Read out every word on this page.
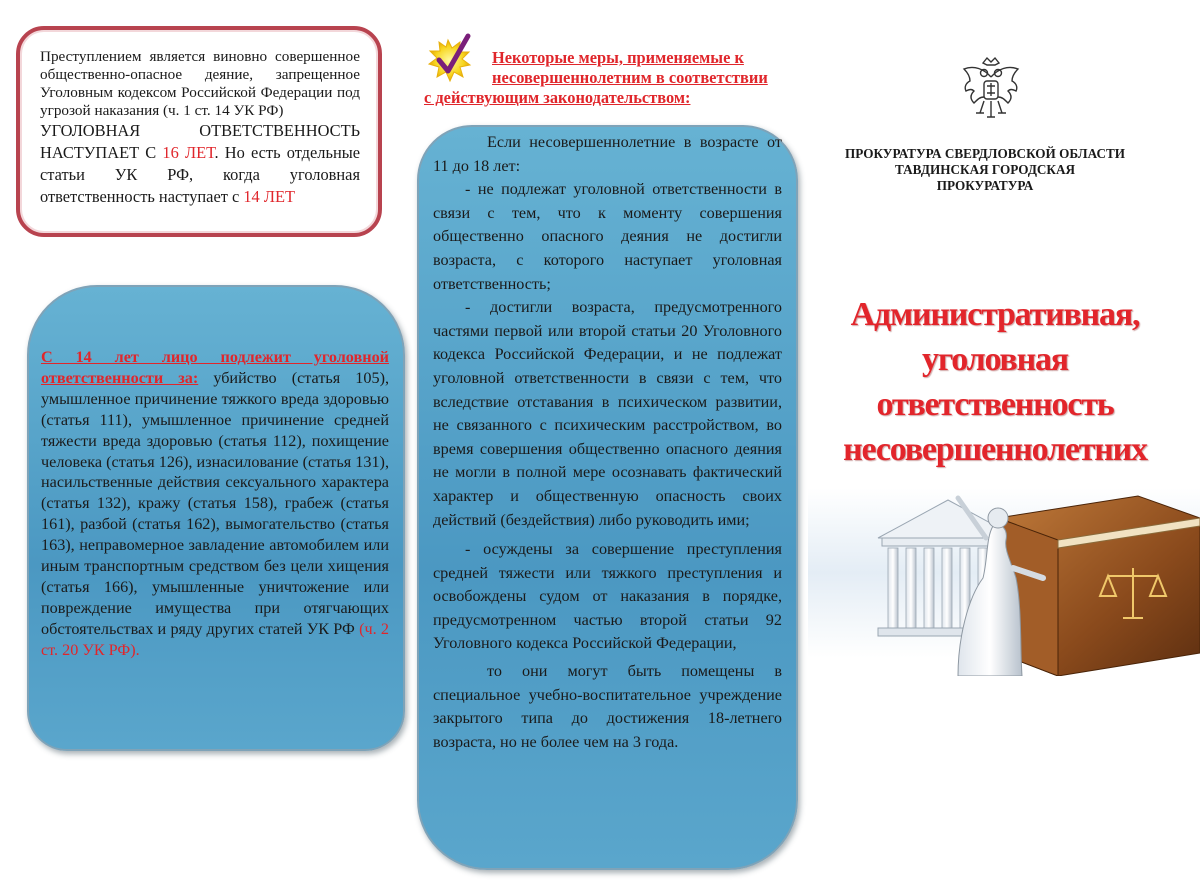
Преступлением является виновно совершенное общественно-опасное деяние, запрещенное Уголовным кодексом Российской Федерации под угрозой наказания (ч. 1 ст. 14 УК РФ)

УГОЛОВНАЯ ОТВЕТСТВЕННОСТЬ НАСТУПАЕТ С 16 ЛЕТ. Но есть отдельные статьи УК РФ, когда уголовная ответственность наступает с 14 ЛЕТ

С 14 лет лицо подлежит уголовной ответственности за: убийство (статья 105), умышленное причинение тяжкого вреда здоровью (статья 111), умышленное причинение средней тяжести вреда здоровью (статья 112), похищение человека (статья 126), изнасилование (статья 131), насильственные действия сексуального характера (статья 132), кражу (статья 158), грабеж (статья 161), разбой (статья 162), вымогательство (статья 163), неправомерное завладение автомобилем или иным транспортным средством без цели хищения (статья 166), умышленные уничтожение или повреждение имущества при отягчающих обстоятельствах и ряду других статей УК РФ (ч. 2 ст. 20 УК РФ).

Некоторые меры, применяемые к
несовершеннолетним в соответствии
с действующим законодательством:

Если несовершеннолетние в возрасте от 11 до 18 лет:

- не подлежат уголовной ответственности в связи с тем, что к моменту совершения общественно опасного деяния не достигли возраста, с которого наступает уголовная ответственность;

- достигли возраста, предусмотренного частями первой или второй статьи 20 Уголовного кодекса Российской Федерации, и не подлежат уголовной ответственности в связи с тем, что вследствие отставания в психическом развитии, не связанного с психическим расстройством, во время совершения общественно опасного деяния не могли в полной мере осознавать фактический характер и общественную опасность своих действий (бездействия) либо руководить ими;

- осуждены за совершение преступления средней тяжести или тяжкого преступления и освобождены судом от наказания в порядке, предусмотренном частью второй статьи 92 Уголовного кодекса Российской Федерации,

то они могут быть помещены в специальное учебно-воспитательное учреждение закрытого типа до достижения 18-летнего возраста, но не более чем на 3 года.

ПРОКУРАТУРА СВЕРДЛОВСКОЙ ОБЛАСТИ
ТАВДИНСКАЯ ГОРОДСКАЯ
ПРОКУРАТУРА

Административная,
уголовная
ответственность
несовершеннолетних
